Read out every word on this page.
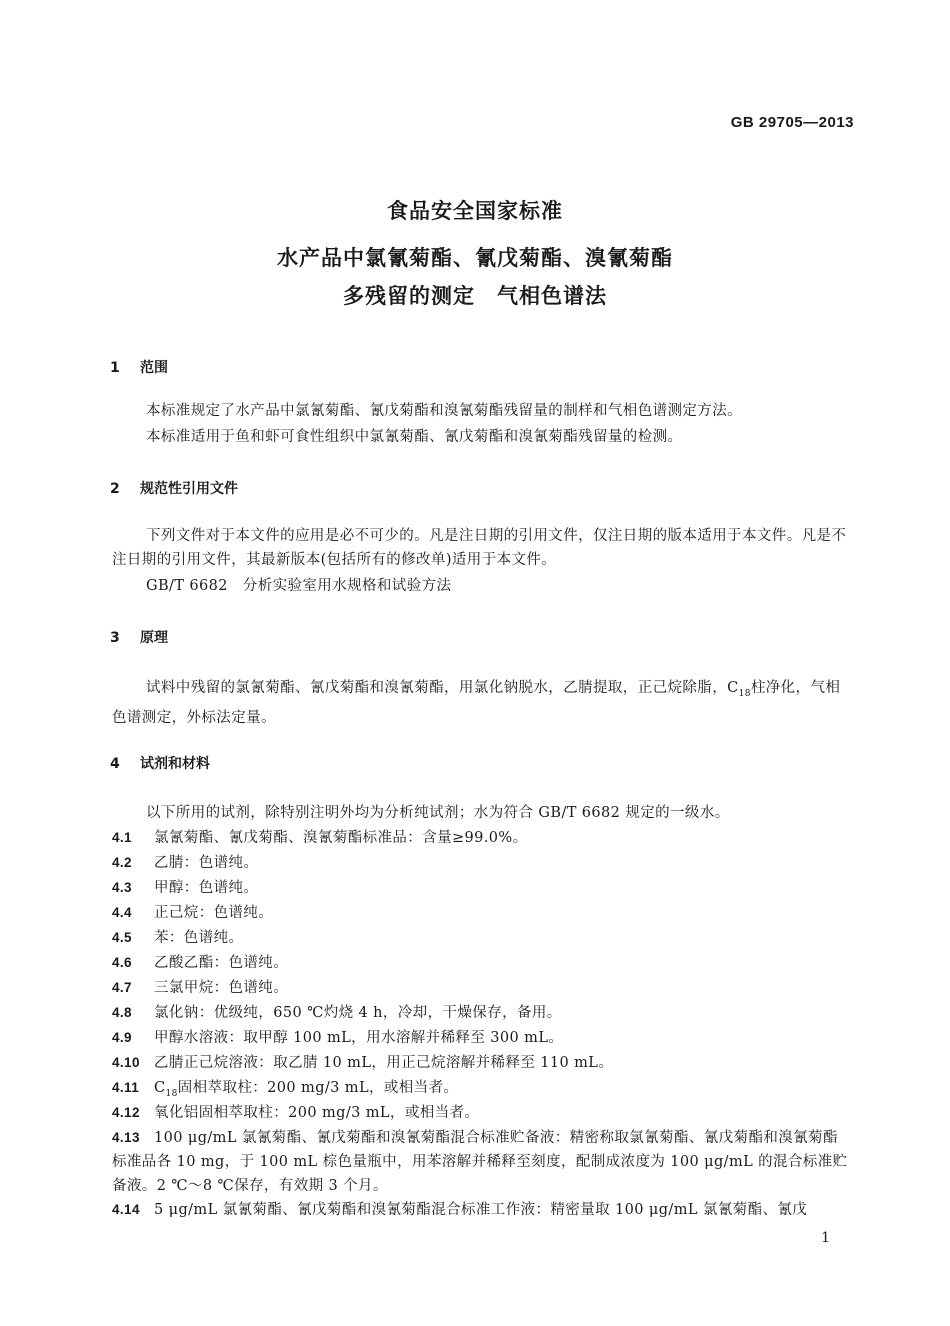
GB 29705—2013
食品安全国家标准
水产品中氯氰菊酯、氰戊菊酯、溴氰菊酯
多残留的测定　气相色谱法
1 范围
本标准规定了水产品中氯氰菊酯、氰戊菊酯和溴氰菊酯残留量的制样和气相色谱测定方法。
本标准适用于鱼和虾可食性组织中氯氰菊酯、氰戊菊酯和溴氰菊酯残留量的检测。
2 规范性引用文件
下列文件对于本文件的应用是必不可少的。凡是注日期的引用文件，仅注日期的版本适用于本文件。凡是不注日期的引用文件，其最新版本(包括所有的修改单)适用于本文件。
GB/T 6682　分析实验室用水规格和试验方法
3 原理
试料中残留的氯氰菊酯、氰戊菊酯和溴氰菊酯，用氯化钠脱水，乙腈提取，正己烷除脂，$C_{18}$柱净化，气相色谱测定，外标法定量。
4 试剂和材料
以下所用的试剂，除特别注明外均为分析纯试剂；水为符合 GB/T 6682 规定的一级水。
4.1 氯氰菊酯、氰戊菊酯、溴氰菊酯标准品：含量≥99.0%。
4.2 乙腈：色谱纯。
4.3 甲醇：色谱纯。
4.4 正己烷：色谱纯。
4.5 苯：色谱纯。
4.6 乙酸乙酯：色谱纯。
4.7 三氯甲烷：色谱纯。
4.8 氯化钠：优级纯，650 ℃灼烧 4 h，冷却，干燥保存，备用。
4.9 甲醇水溶液：取甲醇 100 mL，用水溶解并稀释至 300 mL。
4.10 乙腈正己烷溶液：取乙腈 10 mL，用正己烷溶解并稀释至 110 mL。
4.11 $C_{18}$固相萃取柱：200 mg/3 mL，或相当者。
4.12 氧化铝固相萃取柱：200 mg/3 mL，或相当者。
4.13 100 μg/mL 氯氰菊酯、氰戊菊酯和溴氰菊酯混合标准贮备液：精密称取氯氰菊酯、氰戊菊酯和溴氰菊酯标准品各 10 mg，于 100 mL 棕色量瓶中，用苯溶解并稀释至刻度，配制成浓度为 100 μg/mL 的混合标准贮备液。2 ℃～8 ℃保存，有效期 3 个月。
4.14 5 μg/mL 氯氰菊酯、氰戊菊酯和溴氰菊酯混合标准工作液：精密量取 100 μg/mL 氯氰菊酯、氰戊
1
